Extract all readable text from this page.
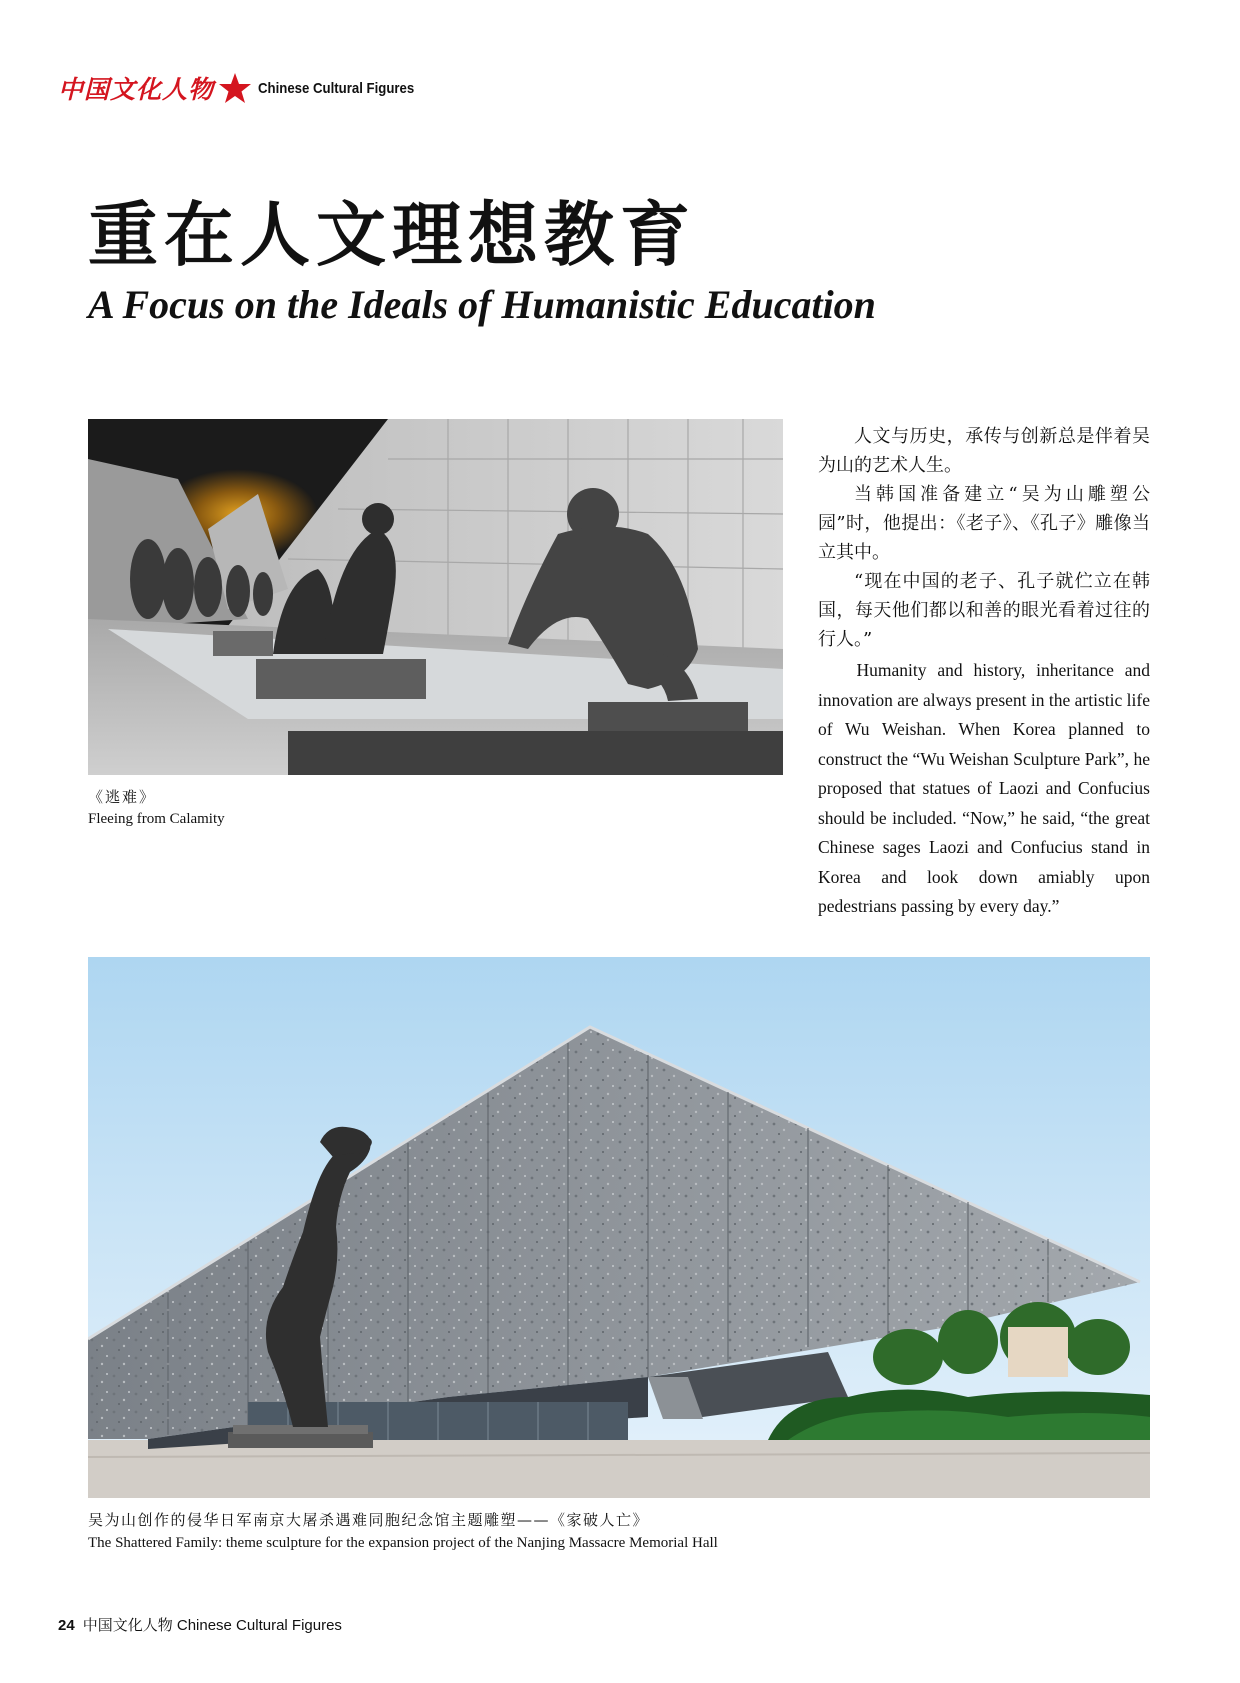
中国文化人物	Chinese Cultural Figures
重在人文理想教育
A Focus on the Ideals of Humanistic Education
《逃难》
Fleeing from Calamity

人文与历史，承传与创新总是伴着吴为山的艺术人生。

当韩国准备建立“吴为山雕塑公园”时，他提出：《老子》、《孔子》雕像当立其中。

“现在中国的老子、孔子就伫立在韩国，每天他们都以和善的眼光看着过往的行人。”

Humanity and history, inheritance and innovation are always present in the artistic life of Wu Weishan. When Korea planned to construct the “Wu Weishan Sculpture Park”, he proposed that statues of Laozi and Confucius should be included. “Now,” he said, “the great Chinese sages Laozi and Confucius stand in Korea and look down amiably upon pedestrians passing by every day.”

吴为山创作的侵华日军南京大屠杀遇难同胞纪念馆主题雕塑——《家破人亡》
The Shattered Family: theme sculpture for the expansion project of the Nanjing Massacre Memorial Hall
24 中国文化人物 Chinese Cultural Figures
